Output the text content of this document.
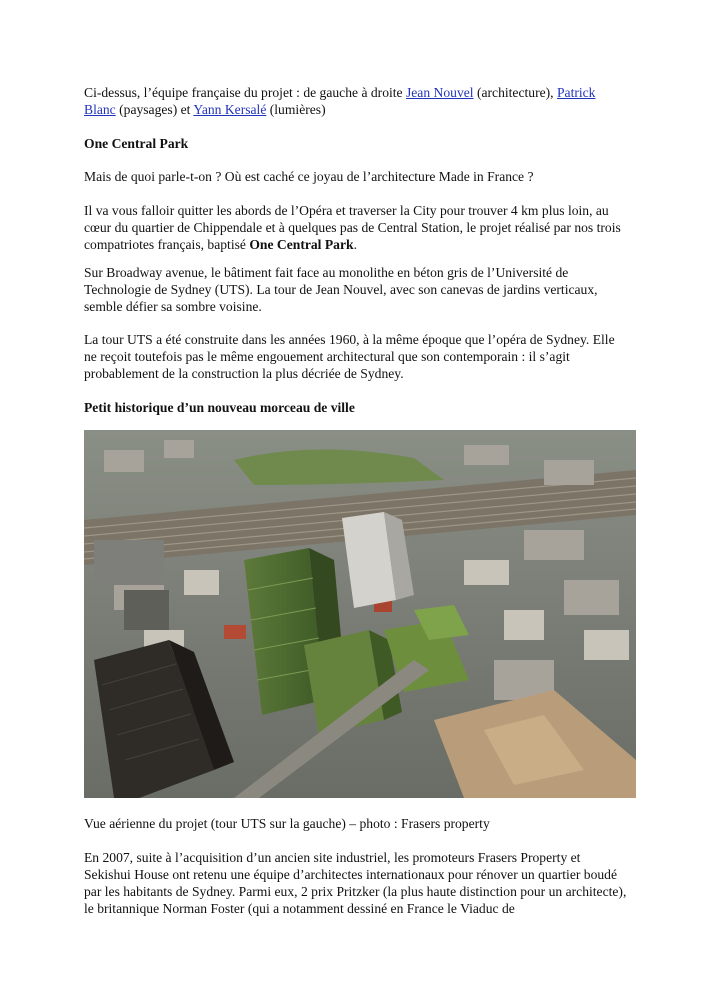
Ci-dessus, l’équipe française du projet : de gauche à droite Jean Nouvel (architecture), Patrick Blanc (paysages) et Yann Kersalé (lumières)

One Central Park

Mais de quoi parle-t-on ? Où est caché ce joyau de l’architecture Made in France ?

Il va vous falloir quitter les abords de l’Opéra et traverser la City pour trouver 4 km plus loin, au cœur du quartier de Chippendale et à quelques pas de Central Station, le projet réalisé par nos trois compatriotes français, baptisé One Central Park.

Sur Broadway avenue, le bâtiment fait face au monolithe en béton gris de l’Université de Technologie de Sydney (UTS). La tour de Jean Nouvel, avec son canevas de jardins verticaux, semble défier sa sombre voisine.

La tour UTS a été construite dans les années 1960, à la même époque que l’opéra de Sydney. Elle ne reçoit toutefois pas le même engouement architectural que son contemporain : il s’agit probablement de la construction la plus décriée de Sydney.

Petit historique d’un nouveau morceau de ville

Vue aérienne du projet (tour UTS sur la gauche) – photo : Frasers property

En 2007, suite à l’acquisition d’un ancien site industriel, les promoteurs Frasers Property et Sekishui House ont retenu une équipe d’architectes internationaux pour rénover un quartier boudé par les habitants de Sydney. Parmi eux, 2 prix Pritzker (la plus haute distinction pour un architecte), le britannique Norman Foster (qui a notamment dessiné en France le Viaduc de
